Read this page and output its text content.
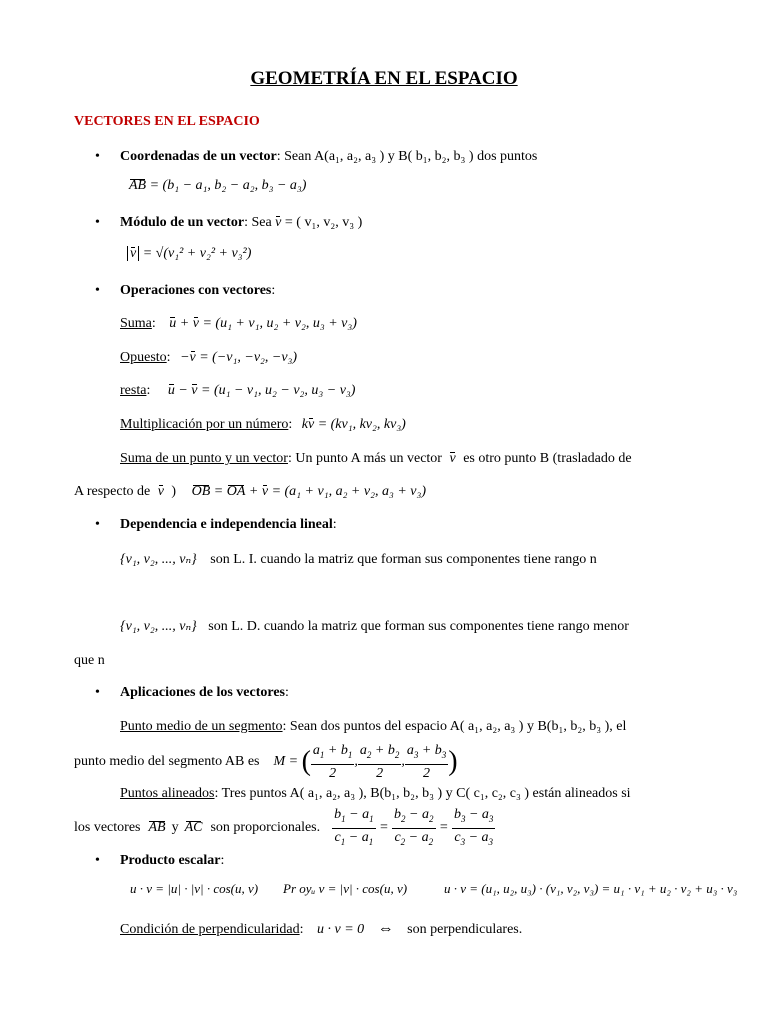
GEOMETRÍA EN EL ESPACIO
VECTORES EN EL ESPACIO
• Coordenadas de un vector: Sean A(a₁, a₂, a₃ ) y B( b₁, b₂, b₃ ) dos puntos
AB = (b₁ − a₁, b₂ − a₂, b₃ − a₃)
• Módulo de un vector: Sea v = ( v₁, v₂, v₃ )
v = √(v₁² + v₂² + v₃²)
• Operaciones con vectores:
Suma: u + v = (u₁ + v₁, u₂ + v₂, u₃ + v₃)
Opuesto: −v = (−v₁, −v₂, −v₃)
resta: u − v = (u₁ − v₁, u₂ − v₂, u₃ − v₃)
Multiplicación por un número: kv = (kv₁, kv₂, kv₃)
Suma de un punto y un vector: Un punto A más un vector v es otro punto B (trasladado de
A respecto de v ) OB = OA + v = (a₁ + v₁, a₂ + v₂, a₃ + v₃)
• Dependencia e independencia lineal:
{v₁, v₂, ..., vₙ} son L. I. cuando la matriz que forman sus componentes tiene rango n
{v₁, v₂, ..., vₙ} son L. D. cuando la matriz que forman sus componentes tiene rango menor
que n
• Aplicaciones de los vectores:
Punto medio de un segmento: Sean dos puntos del espacio A( a₁, a₂, a₃ ) y B(b₁, b₂, b₃ ), el
punto medio del segmento AB es M = ( $\frac{a_1 + b_1}{2}$ , $\frac{a_2 + b_2}{2}$ , $\frac{a_3 + b_3}{2}$ )
Puntos alineados: Tres puntos A( a₁, a₂, a₃ ), B(b₁, b₂, b₃ ) y C( c₁, c₂, c₃ ) están alineados si
los vectores AB y AC son proporcionales. $\frac{b_1 - a_1}{c_1 - a_1} = \frac{b_2 - a_2}{c_2 - a_2} = \frac{b_3 - a_3}{c_3 - a_3}$
• Producto escalar:
u · v = |u| · |v| · cos(u, v) Pr oyᵤ v = |v| · cos(u, v)	u · v = (u₁, u₂, u₃) · (v₁, v₂, v₃) = u₁ · v₁ + u₂ · v₂ + u₃ · v₃
Condición de perpendicularidad: u · v = 0 ⇔ son perpendiculares.
